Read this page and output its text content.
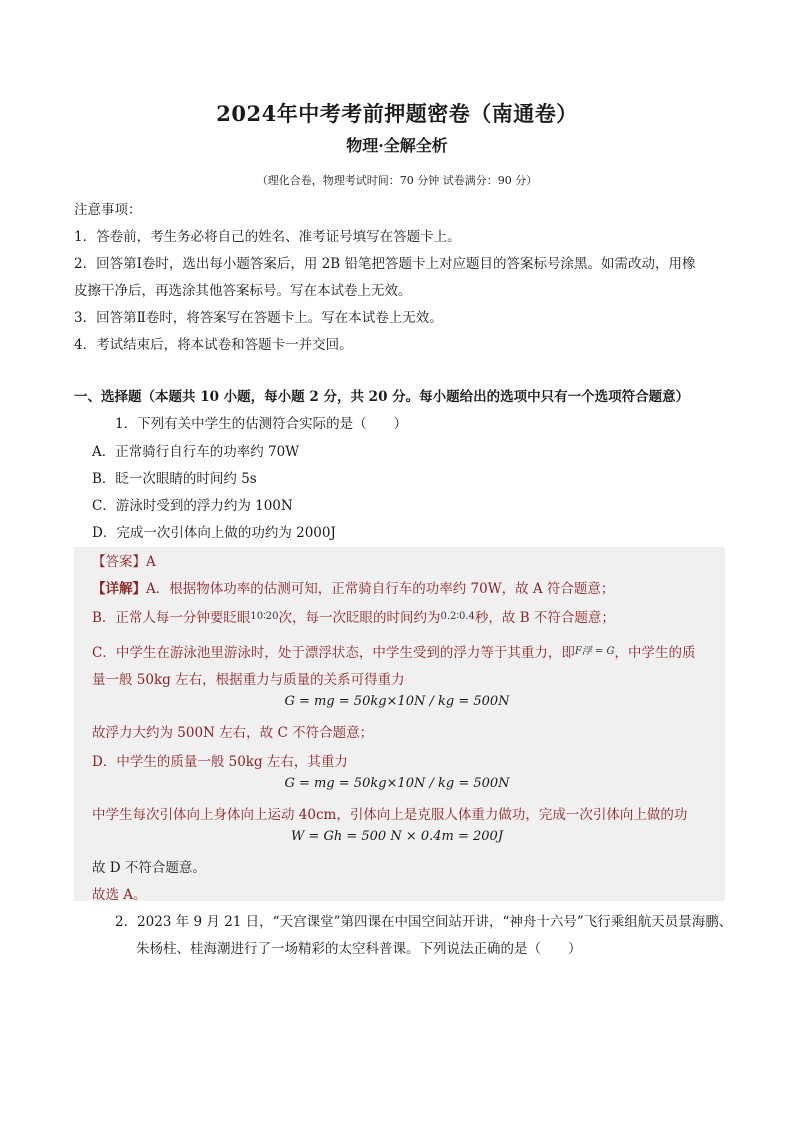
2024年中考考前押题密卷（南通卷）
物理·全解全析
（理化合卷，物理考试时间：70 分钟 试卷满分：90 分）
注意事项：
1．答卷前，考生务必将自己的姓名、准考证号填写在答题卡上。
2．回答第Ⅰ卷时，选出每小题答案后，用 2B 铅笔把答题卡上对应题目的答案标号涂黑。如需改动，用橡
皮擦干净后，再选涂其他答案标号。写在本试卷上无效。
3．回答第Ⅱ卷时，将答案写在答题卡上。写在本试卷上无效。
4．考试结束后，将本试卷和答题卡一并交回。
一、选择题（本题共 10 小题，每小题 2 分，共 20 分。每小题给出的选项中只有一个选项符合题意）
1．下列有关中学生的估测符合实际的是（　　）
A．正常骑行自行车的功率约 70W
B．眨一次眼睛的时间约 5s
C．游泳时受到的浮力约为 100N
D．完成一次引体向上做的功约为 2000J
【答案】A
【详解】A．根据物体功率的估测可知，正常骑自行车的功率约 70W，故 A 符合题意；
B．正常人每一分钟要眨眼$^{10∶20}$次，每一次眨眼的时间约为$^{0.2∶0.4}$秒，故 B 不符合题意；
C．中学生在游泳池里游泳时，处于漂浮状态，中学生受到的浮力等于其重力，即$^{F浮 = G}$，中学生的质
量一般 50kg 左右，根据重力与质量的关系可得重力
G = mg = 50kg×10N / kg = 500N
故浮力大约为 500N 左右，故 C 不符合题意；
D．中学生的质量一般 50kg 左右，其重力
G = mg = 50kg×10N / kg = 500N
中学生每次引体向上身体向上运动 40cm，引体向上是克服人体重力做功，完成一次引体向上做的功
W = Gh = 500 N × 0.4m = 200J
故 D 不符合题意。
故选 A。
2．2023 年 9 月 21 日，“天宫课堂”第四课在中国空间站开讲，“神舟十六号”飞行乘组航天员景海鹏、
朱杨柱、桂海潮进行了一场精彩的太空科普课。下列说法正确的是（　　）
